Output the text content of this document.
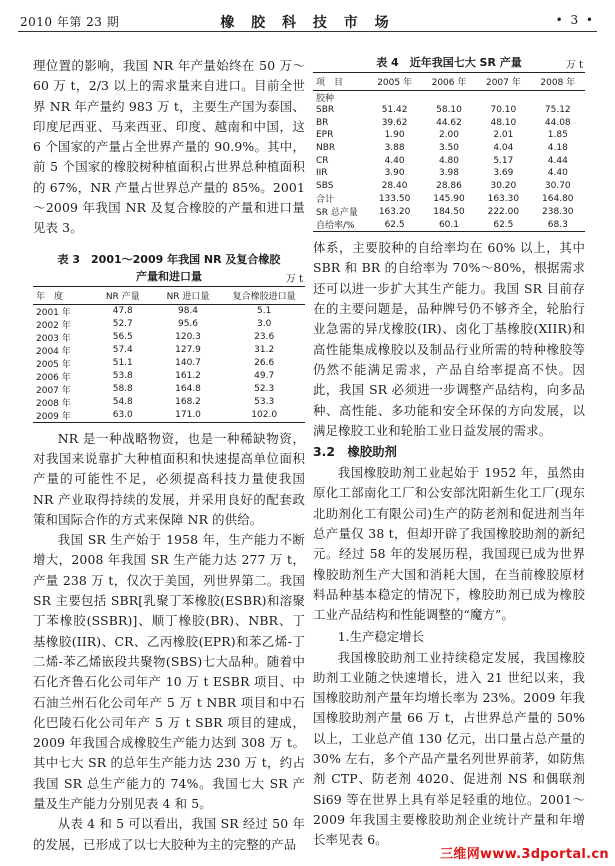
2010 年第 23 期	橡 胶 科 技 市 场	• 3 •

理位置的影响，我国 NR 年产量始终在 50 万～60 万 t，2/3 以上的需求量来自进口。目前全世界 NR 年产量约 983 万 t，主要生产国为泰国、印度尼西亚、马来西亚、印度、越南和中国，这 6 个国家的产量占全世界产量的 90.9%。其中，前 5 个国家的橡胶树种植面积占世界总种植面积的 67%，NR 产量占世界总产量的 85%。2001～2009 年我国 NR 及复合橡胶的产量和进口量见表 3。

表 3　2001～2009 年我国 NR 及复合橡胶
产量和进口量	万 t
年　度	NR 产量	NR 进口量	复合橡胶进口量
2001 年	47.8	98.4	5.1
2002 年	52.7	95.6	3.0
2003 年	56.5	120.3	23.6
2004 年	57.4	127.9	31.2
2005 年	51.1	140.7	26.6
2006 年	53.8	161.2	49.7
2007 年	58.8	164.8	52.3
2008 年	54.8	168.2	53.3
2009 年	63.0	171.0	102.0

NR 是一种战略物资，也是一种稀缺物资，对我国来说靠扩大种植面积和快速提高单位面积产量的可能性不足，必须提高科技力量使我国 NR 产业取得持续的发展，并采用良好的配套政策和国际合作的方式来保障 NR 的供给。

我国 SR 生产始于 1958 年，生产能力不断增大，2008 年我国 SR 生产能力达 277 万 t，产量 238 万 t，仅次于美国，列世界第二。我国 SR 主要包括 SBR[乳聚丁苯橡胶(ESBR)和溶聚丁苯橡胶(SSBR)]、顺丁橡胶(BR)、NBR、丁基橡胶(IIR)、CR、乙丙橡胶(EPR)和苯乙烯-丁二烯-苯乙烯嵌段共聚物(SBS)七大品种。随着中石化齐鲁石化公司年产 10 万 t ESBR 项目、中石油兰州石化公司年产 5 万 t NBR 项目和中石化巴陵石化公司年产 5 万 t SBR 项目的建成，2009 年我国合成橡胶生产能力达到 308 万 t。其中七大 SR 的总年生产能力达 230 万 t，约占我国 SR 总生产能力的 74%。我国七大 SR 产量及生产能力分别见表 4 和 5。

从表 4 和 5 可以看出，我国 SR 经过 50 年的发展，已形成了以七大胶种为主的完整的产品

表 4　近年我国七大 SR 产量	万 t
项　目	2005 年	2006 年	2007 年	2008 年
胶种				
SBR	51.42	58.10	70.10	75.12
BR	39.62	44.62	48.10	44.08
EPR	1.90	2.00	2.01	1.85
NBR	3.88	3.50	4.04	4.18
CR	4.40	4.80	5.17	4.44
IIR	3.90	3.98	3.69	4.40
SBS	28.40	28.86	30.20	30.70
合计	133.50	145.90	163.30	164.80
SR 总产量	163.20	184.50	222.00	238.30
自给率/%	62.5	60.1	62.5	68.3

体系，主要胶种的自给率均在 60% 以上，其中 SBR 和 BR 的自给率为 70%～80%，根据需求还可以进一步扩大其生产能力。我国 SR 目前存在的主要问题是，品种牌号仍不够齐全，轮胎行业急需的异戊橡胶(IR)、卤化丁基橡胶(XIIR)和高性能集成橡胶以及制品行业所需的特种橡胶等仍然不能满足需求，产品自给率提高不快。因此，我国 SR 必须进一步调整产品结构，向多品种、高性能、多功能和安全环保的方向发展，以满足橡胶工业和轮胎工业日益发展的需求。

3.2　橡胶助剂

我国橡胶助剂工业起始于 1952 年，虽然由原化工部南化工厂和公安部沈阳新生化工厂(现东北助剂化工有限公司)生产的防老剂和促进剂当年总产量仅 38 t，但却开辟了我国橡胶助剂的新纪元。经过 58 年的发展历程，我国现已成为世界橡胶助剂生产大国和消耗大国，在当前橡胶原材料品种基本稳定的情况下，橡胶助剂已成为橡胶工业产品结构和性能调整的“魔方”。

1.生产稳定增长

我国橡胶助剂工业持续稳定发展，我国橡胶助剂工业随之快速增长，进入 21 世纪以来，我国橡胶助剂产量年均增长率为 23%。2009 年我国橡胶助剂产量 66 万 t，占世界总产量的 50% 以上，工业总产值 130 亿元，出口量占总产量的 30% 左右，多个产品产量名列世界前茅，如防焦剂 CTP、防老剂 4020、促进剂 NS 和偶联剂 Si69 等在世界上具有举足轻重的地位。2001～2009 年我国主要橡胶助剂企业统计产量和年增长率见表 6。

三维网www.3dportal.cn
